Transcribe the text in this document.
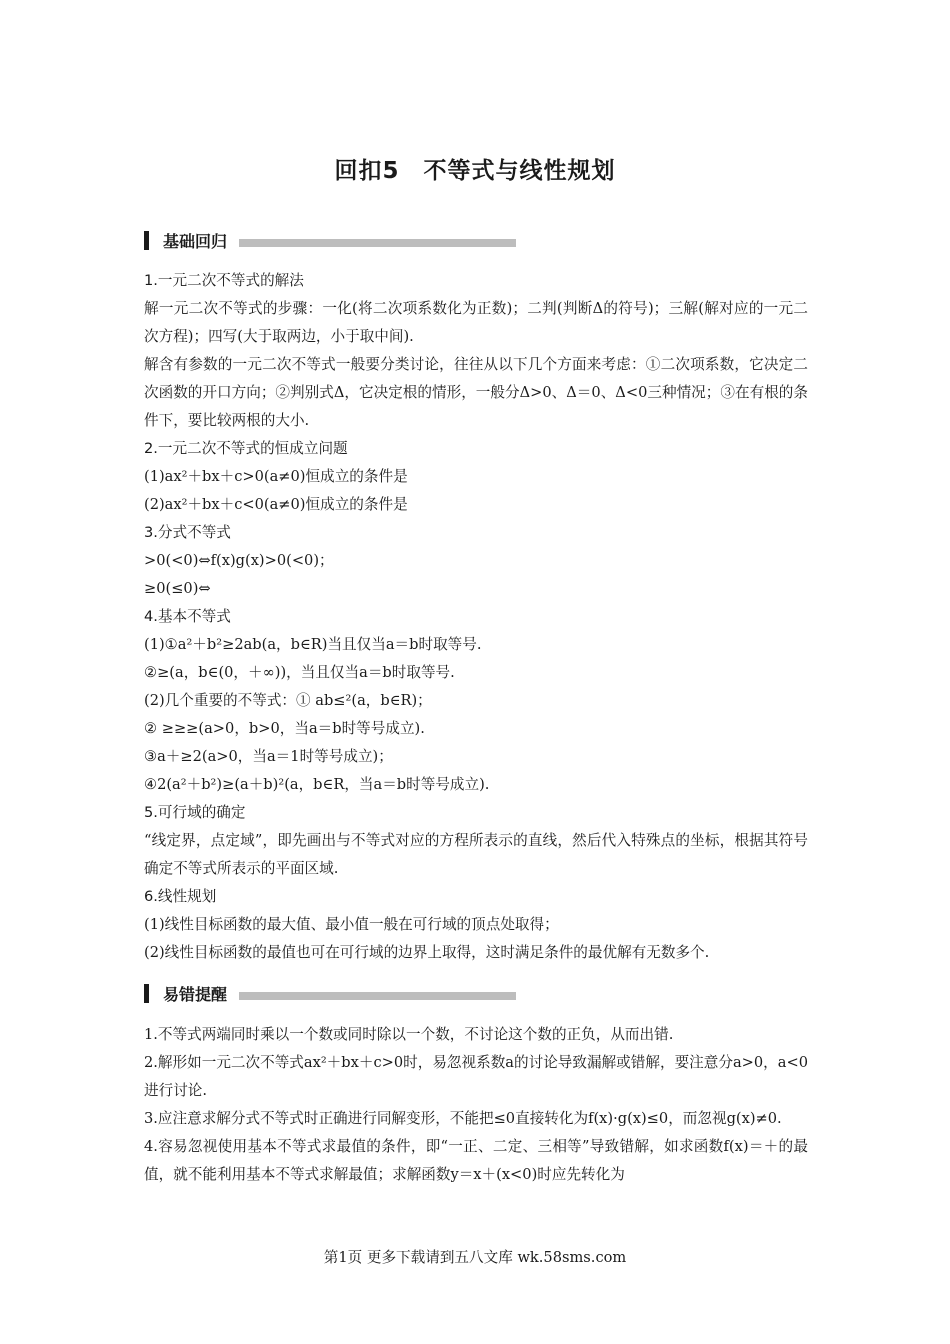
回扣5　不等式与线性规划
基础回归

1.一元二次不等式的解法

解一元二次不等式的步骤：一化(将二次项系数化为正数)；二判(判断Δ的符号)；三解(解对应的一元二次方程)；四写(大于取两边，小于取中间).

解含有参数的一元二次不等式一般要分类讨论，往往从以下几个方面来考虑：①二次项系数，它决定二次函数的开口方向；②判别式Δ，它决定根的情形，一般分Δ>0、Δ＝0、Δ<0三种情况；③在有根的条件下，要比较两根的大小.

2.一元二次不等式的恒成立问题

(1)ax²＋bx＋c>0(a≠0)恒成立的条件是

(2)ax²＋bx＋c<0(a≠0)恒成立的条件是

3.分式不等式

>0(<0)⇔f(x)g(x)>0(<0)；

≥0(≤0)⇔

4.基本不等式

(1)①a²＋b²≥2ab(a，b∈R)当且仅当a＝b时取等号.

②≥(a，b∈(0，＋∞))，当且仅当a＝b时取等号.

(2)几个重要的不等式：① ab≤²(a，b∈R)；

② ≥≥≥(a>0，b>0，当a＝b时等号成立).

③a＋≥2(a>0，当a＝1时等号成立)；

④2(a²＋b²)≥(a＋b)²(a，b∈R，当a＝b时等号成立).

5.可行域的确定

“线定界，点定域”，即先画出与不等式对应的方程所表示的直线，然后代入特殊点的坐标，根据其符号确定不等式所表示的平面区域.

6.线性规划

(1)线性目标函数的最大值、最小值一般在可行域的顶点处取得；

(2)线性目标函数的最值也可在可行域的边界上取得，这时满足条件的最优解有无数多个.

易错提醒

1.不等式两端同时乘以一个数或同时除以一个数，不讨论这个数的正负，从而出错.

2.解形如一元二次不等式ax²＋bx＋c>0时，易忽视系数a的讨论导致漏解或错解，要注意分a>0，a<0进行讨论.

3.应注意求解分式不等式时正确进行同解变形，不能把≤0直接转化为f(x)·g(x)≤0，而忽视g(x)≠0.

4.容易忽视使用基本不等式求最值的条件，即“一正、二定、三相等”导致错解，如求函数f(x)＝＋的最值，就不能利用基本不等式求解最值；求解函数y＝x＋(x<0)时应先转化为

第1页 更多下载请到五八文库 wk.58sms.com
